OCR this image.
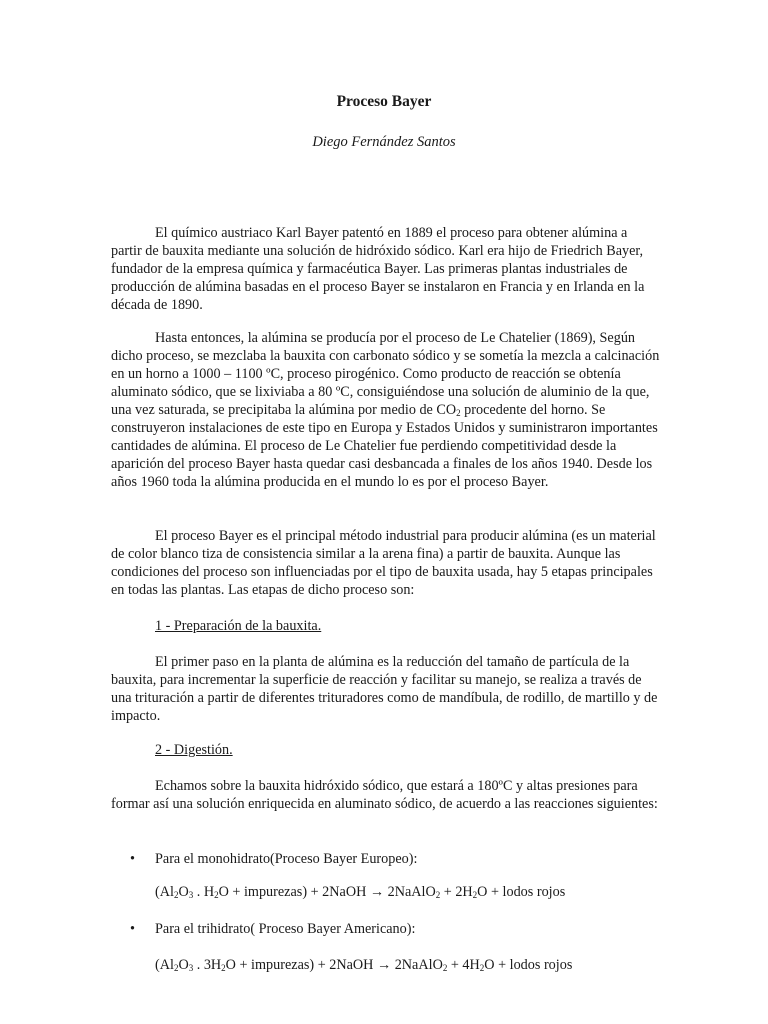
Proceso Bayer
Diego Fernández Santos

El químico austriaco Karl Bayer patentó en 1889 el proceso para obtener alúmina a partir de bauxita mediante una solución de hidróxido sódico. Karl era hijo de Friedrich Bayer, fundador de la empresa química y farmacéutica Bayer. Las primeras plantas industriales de producción de alúmina basadas en el proceso Bayer se instalaron en Francia y en Irlanda en la década de 1890.

Hasta entonces, la alúmina se producía por el proceso de Le Chatelier (1869), Según dicho proceso, se mezclaba la bauxita con carbonato sódico y se sometía la mezcla a calcinación en un horno a 1000 – 1100 ºC, proceso pirogénico. Como producto de reacción se obtenía aluminato sódico, que se lixiviaba a 80 ºC, consiguiéndose una solución de aluminio de la que, una vez saturada, se precipitaba la alúmina por medio de $CO_2$ procedente del horno. Se construyeron instalaciones de este tipo en Europa y Estados Unidos y suministraron importantes cantidades de alúmina. El proceso de Le Chatelier fue perdiendo competitividad desde la aparición del proceso Bayer hasta quedar casi desbancada a finales de los años 1940. Desde los años 1960 toda la alúmina producida en el mundo lo es por el proceso Bayer.

El proceso Bayer es el principal método industrial para producir alúmina (es un material de color blanco tiza de consistencia similar a la arena fina) a partir de bauxita. Aunque las condiciones del proceso son influenciadas por el tipo de bauxita usada, hay 5 etapas principales en todas las plantas. Las etapas de dicho proceso son:

1 - Preparación de la bauxita.

El primer paso en la planta de alúmina es la reducción del tamaño de partícula de la bauxita, para incrementar la superficie de reacción y facilitar su manejo, se realiza a través de una trituración a partir de diferentes trituradores como de mandíbula, de rodillo, de martillo y de impacto.

2 - Digestión.

Echamos sobre la bauxita hidróxido sódico, que estará a 180ºC y altas presiones para formar así una solución enriquecida en aluminato sódico, de acuerdo a las reacciones siguientes:

•	Para el monohidrato(Proceso Bayer Europeo):
($Al_2O_3$ . $H_2O$ + impurezas) + 2NaOH → 2NaAlO$_2$ + $2H_2O$ + lodos rojos
•	Para el trihidrato( Proceso Bayer Americano):
($Al_2O_3$ . $3H_2O$ + impurezas) + 2NaOH → 2NaAlO$_2$ + $4H_2O$ + lodos rojos
